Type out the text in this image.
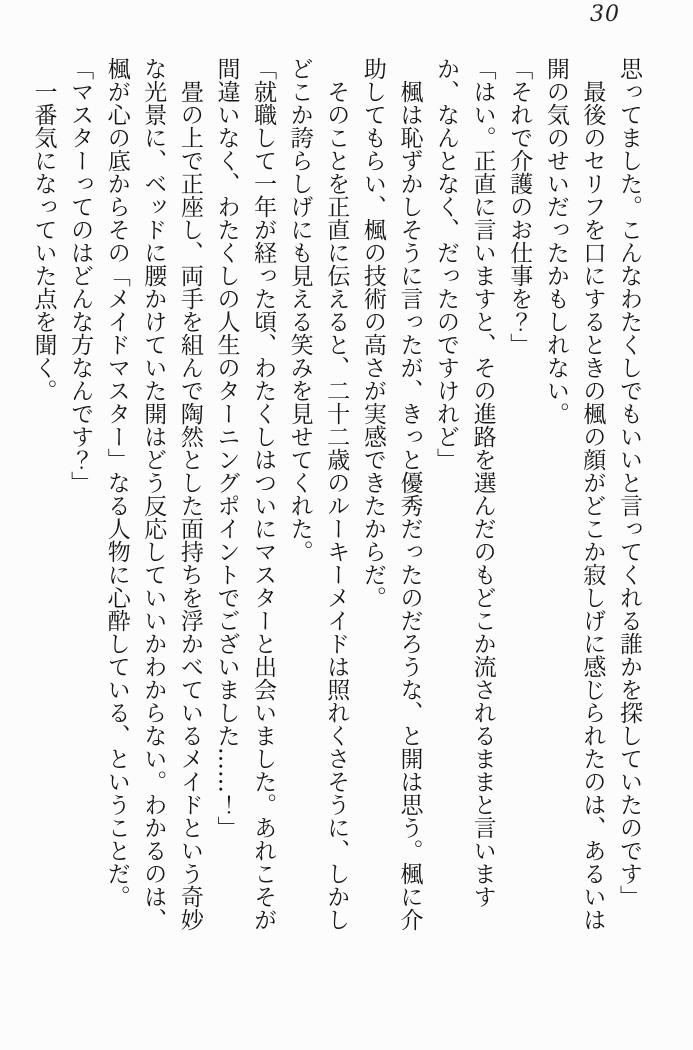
30

思ってました。こんなわたくしでもいいと言ってくれる誰かを探していたのです」

　最後のセリフを口にするときの楓の顔がどこか寂しげに感じられたのは、あるいは開の気のせいだったかもしれない。

「それで介護のお仕事を？」

「はい。正直に言いますと、その進路を選んだのもどこか流されるままと言いますか、なんとなく、だったのですけれど」

　楓は恥ずかしそうに言ったが、きっと優秀だったのだろうな、と開は思う。楓に介助してもらい、楓の技術の高さが実感できたからだ。

　そのことを正直に伝えると、二十二歳のルーキーメイドは照れくさそうに、しかしどこか誇らしげにも見える笑みを見せてくれた。

「就職して一年が経った頃、わたくしはついにマスターと出会いました。あれこそが間違いなく、わたくしの人生のターニングポイントでございました……！」

　畳の上で正座し、両手を組んで陶然とした面持ちを浮かべているメイドという奇妙な光景に、ベッドに腰かけていた開はどう反応していいかわからない。わかるのは、楓が心の底からその「メイドマスター」なる人物に心酔している、ということだ。

「マスターってのはどんな方なんです？」

　一番気になっていた点を聞く。
